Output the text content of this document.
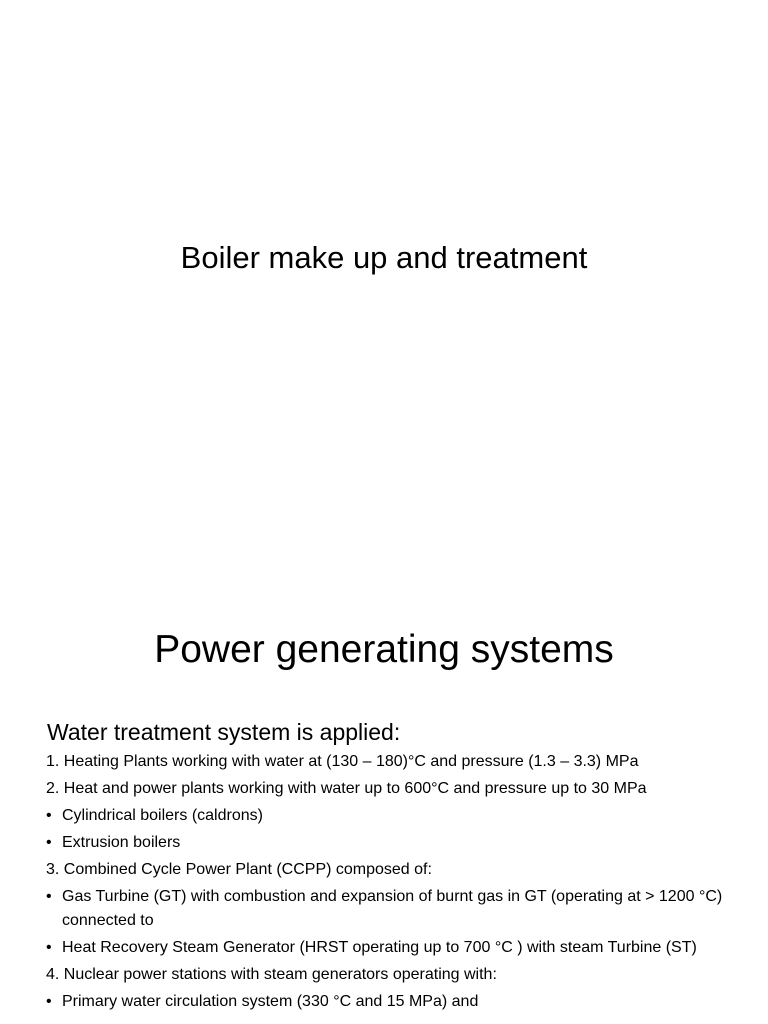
Boiler make up and treatment
Power generating systems
Water treatment system is applied:
1. Heating Plants working with water at (130 – 180)°C and pressure (1.3 – 3.3) MPa
2. Heat and power plants working with water up to 600°C and pressure up to 30 MPa
• Cylindrical boilers (caldrons)
• Extrusion boilers
3. Combined Cycle Power Plant (CCPP) composed of:
• Gas Turbine (GT) with combustion and expansion of burnt gas in GT (operating at > 1200 °C) connected to
• Heat Recovery Steam Generator (HRST operating up to 700 °C ) with steam Turbine (ST)
4. Nuclear power stations with steam generators operating with:
• Primary water circulation system (330 °C and 15 MPa) and
